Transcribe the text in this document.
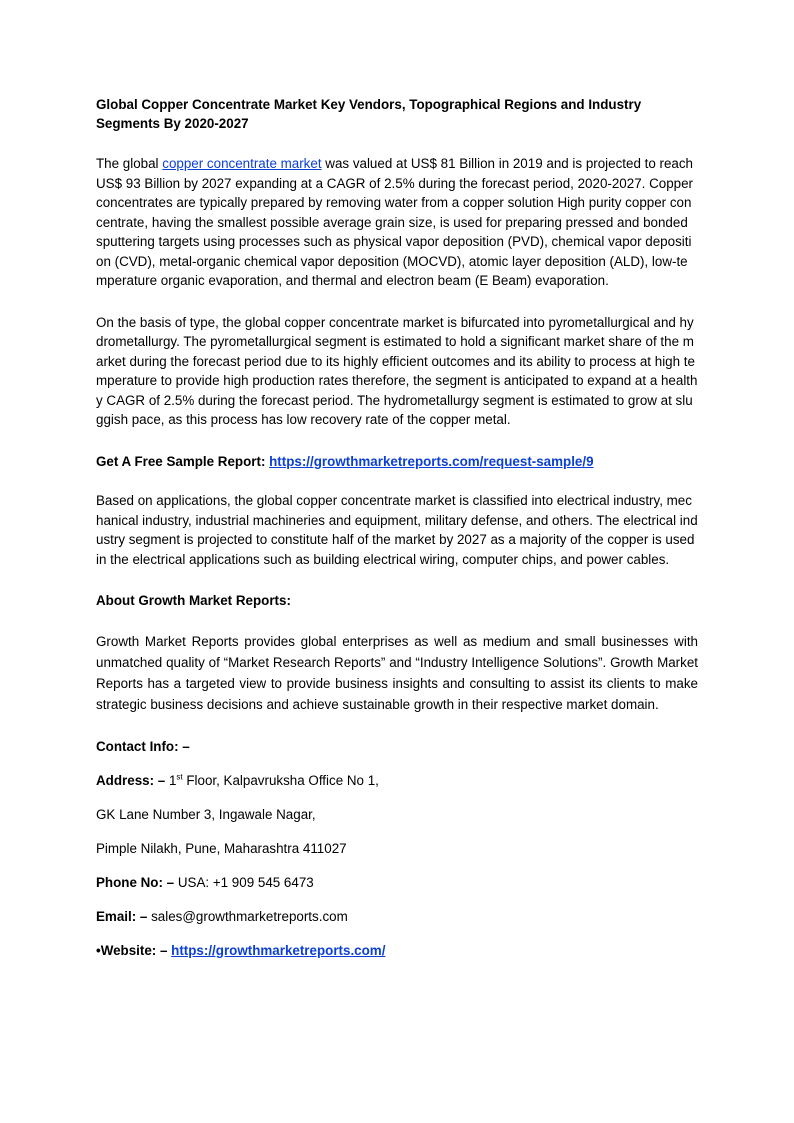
Global Copper Concentrate Market Key Vendors, Topographical Regions and Industry Segments By 2020-2027

The global copper concentrate market was valued at US$ 81 Billion in 2019 and is projected to reach US$ 93 Billion by 2027 expanding at a CAGR of 2.5% during the forecast period, 2020-2027. Copper concentrates are typically prepared by removing water from a copper solution High purity copper concentrate, having the smallest possible average grain size, is used for preparing pressed and bonded sputtering targets using processes such as physical vapor deposition (PVD), chemical vapor deposition (CVD), metal-organic chemical vapor deposition (MOCVD), atomic layer deposition (ALD), low-temperature organic evaporation, and thermal and electron beam (E Beam) evaporation.

On the basis of type, the global copper concentrate market is bifurcated into pyrometallurgical and hydrometallurgy. The pyrometallurgical segment is estimated to hold a significant market share of the market during the forecast period due to its highly efficient outcomes and its ability to process at high temperature to provide high production rates therefore, the segment is anticipated to expand at a healthy CAGR of 2.5% during the forecast period. The hydrometallurgy segment is estimated to grow at sluggish pace, as this process has low recovery rate of the copper metal.

Get A Free Sample Report: https://growthmarketreports.com/request-sample/9

Based on applications, the global copper concentrate market is classified into electrical industry, mechanical industry, industrial machineries and equipment, military defense, and others. The electrical industry segment is projected to constitute half of the market by 2027 as a majority of the copper is used in the electrical applications such as building electrical wiring, computer chips, and power cables.

About Growth Market Reports:

Growth Market Reports provides global enterprises as well as medium and small businesses with unmatched quality of “Market Research Reports” and “Industry Intelligence Solutions”. Growth Market Reports has a targeted view to provide business insights and consulting to assist its clients to make strategic business decisions and achieve sustainable growth in their respective market domain.

Contact Info: –

Address: – 1st Floor, Kalpavruksha Office No 1,

GK Lane Number 3, Ingawale Nagar,

Pimple Nilakh, Pune, Maharashtra 411027

Phone No: – USA: +1 909 545 6473

Email: – sales@growthmarketreports.com

•Website: – https://growthmarketreports.com/
